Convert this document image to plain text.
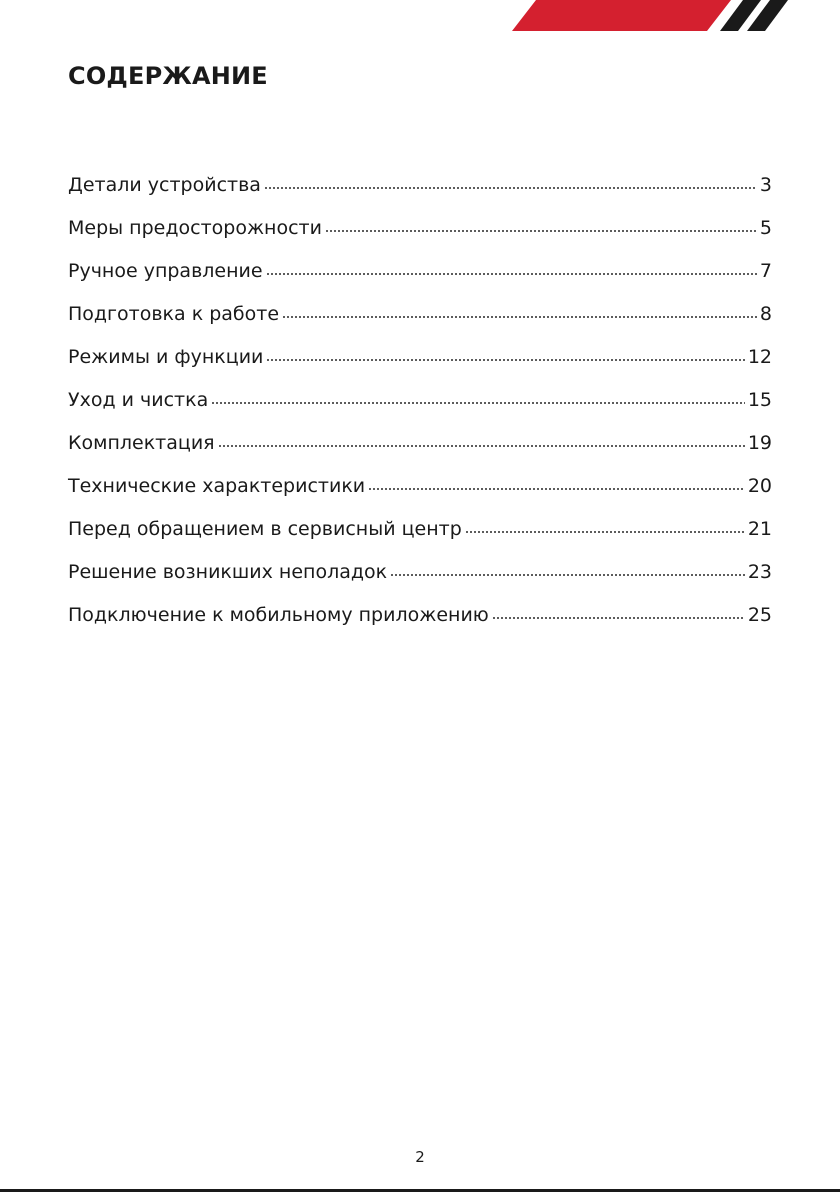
СОДЕРЖАНИЕ
Детали устройства	3
Меры предосторожности	5
Ручное управление	7
Подготовка к работе	8
Режимы и функции	12
Уход и чистка	15
Комплектация	19
Технические характеристики	20
Перед обращением в сервисный центр	21
Решение возникших неполадок	23
Подключение к мобильному приложению	25
2
